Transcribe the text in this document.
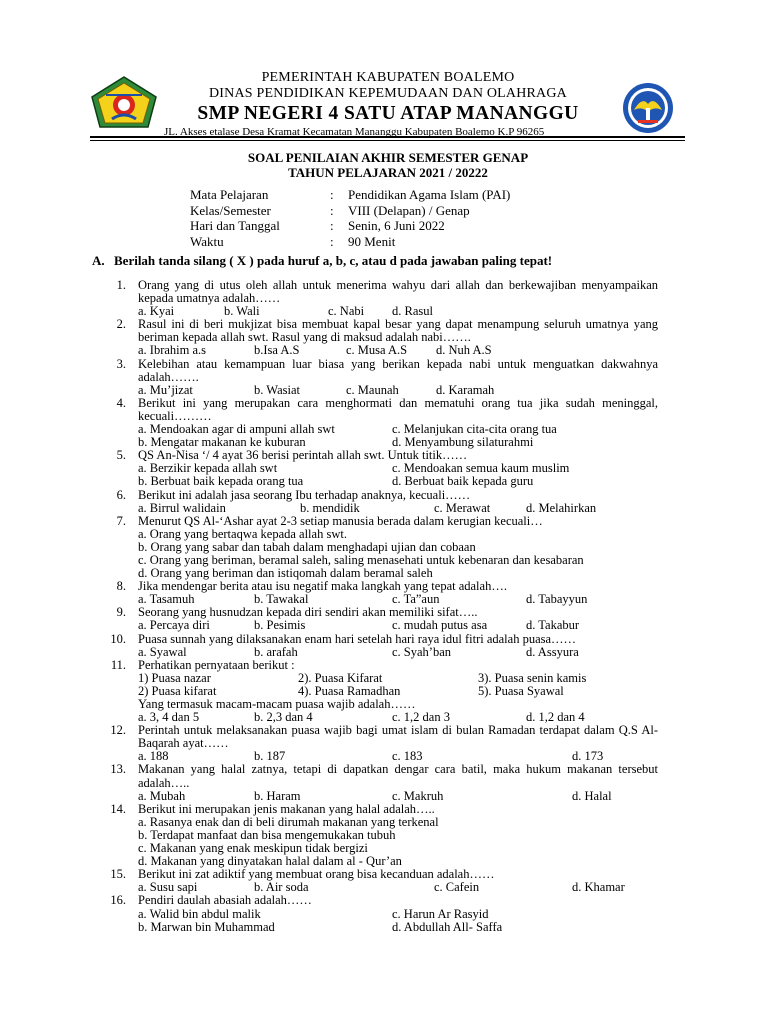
PEMERINTAH KABUPATEN BOALEMO
DINAS PENDIDIKAN KEPEMUDAAN DAN OLAHRAGA
SMP NEGERI 4 SATU ATAP MANANGGU
JL. Akses etalase Desa Kramat Kecamatan Mananggu Kabupaten Boalemo K.P 96265
SOAL PENILAIAN AKHIR SEMESTER GENAP
TAHUN PELAJARAN 2021 / 20222
Mata Pelajaran	:	Pendidikan Agama Islam (PAI)
Kelas/Semester	:	VIII (Delapan) / Genap
Hari dan Tanggal	:	Senin, 6 Juni 2022
Waktu	:	90 Menit
A. Berilah tanda silang ( X ) pada huruf a, b, c, atau d pada jawaban paling tepat!
1. Orang yang di utus oleh allah untuk menerima wahyu dari allah dan berkewajiban menyampaikan kepada umatnya adalah……
a. Kyai	b. Wali	c. Nabi d. Rasul
2. Rasul ini di beri mukjizat bisa membuat kapal besar yang dapat menampung seluruh umatnya yang beriman kepada allah swt. Rasul yang di maksud adalah nabi…….
a. Ibrahim a.s	b.Isa A.S	c. Musa A.S d. Nuh A.S
3. Kelebihan atau kemampuan luar biasa yang berikan kepada nabi untuk menguatkan dakwahnya adalah…….
a. Mu’jizat	b. Wasiat	c. Maunah	d. Karamah
4. Berikut ini yang merupakan cara menghormati dan mematuhi orang tua jika sudah meninggal, kecuali………
a. Mendoakan agar di ampuni allah swt	c. Melanjukan cita-cita orang tua
b. Mengatar makanan ke kuburan	d. Menyambung silaturahmi
5. QS An-Nisa ‘/ 4 ayat 36 berisi perintah allah swt. Untuk titik……
a. Berzikir kepada allah swt	c. Mendoakan semua kaum muslim
b. Berbuat baik kepada orang tua	d. Berbuat baik kepada guru
6. Berikut ini adalah jasa seorang Ibu terhadap anaknya, kecuali……
a. Birrul walidain	b. mendidik	c. Merawat	d. Melahirkan
7. Menurut QS Al-‘Ashar ayat 2-3 setiap manusia berada dalam kerugian kecuali…
a. Orang yang bertaqwa kepada allah swt.
b. Orang yang sabar dan tabah dalam menghadapi ujian dan cobaan
c. Orang yang beriman, beramal saleh, saling menasehati untuk kebenaran dan kesabaran
d. Orang yang beriman dan istiqomah dalam beramal saleh
8. Jika mendengar berita atau isu negatif maka langkah yang tepat adalah….
a. Tasamuh	b. Tawakal	c. Ta”aun	d. Tabayyun
9. Seorang yang husnudzan kepada diri sendiri akan memiliki sifat…..
a. Percaya diri	b. Pesimis	c. mudah putus asa	d. Takabur
10. Puasa sunnah yang dilaksanakan enam hari setelah hari raya idul fitri adalah puasa……
a. Syawal	b. arafah	c. Syah’ban	d. Assyura
11. Perhatikan pernyataan berikut :
1) Puasa nazar	2). Puasa Kifarat	3). Puasa senin kamis
2) Puasa kifarat	4). Puasa Ramadhan	5). Puasa Syawal
Yang termasuk macam-macam puasa wajib adalah……
a. 3, 4 dan 5	b. 2,3 dan 4	c. 1,2 dan 3	d. 1,2 dan 4
12. Perintah untuk melaksanakan puasa wajib bagi umat islam di bulan Ramadan terdapat dalam Q.S Al- Baqarah ayat……
a. 188	b. 187	c. 183	d. 173
13. Makanan yang halal zatnya, tetapi di dapatkan dengar cara batil, maka hukum makanan tersebut adalah…..
a. Mubah	b. Haram	c. Makruh	d. Halal
14. Berikut ini merupakan jenis makanan yang halal adalah…..
a. Rasanya enak dan di beli dirumah makanan yang terkenal
b. Terdapat manfaat dan bisa mengemukakan tubuh
c. Makanan yang enak meskipun tidak bergizi
d. Makanan yang dinyatakan halal dalam al - Qur’an
15. Berikut ini zat adiktif yang membuat orang bisa kecanduan adalah……
a. Susu sapi	b. Air soda	c. Cafein	d. Khamar
16. Pendiri daulah abasiah adalah……
a. Walid bin abdul malik	c. Harun Ar Rasyid
b. Marwan bin Muhammad	d. Abdullah All- Saffa
